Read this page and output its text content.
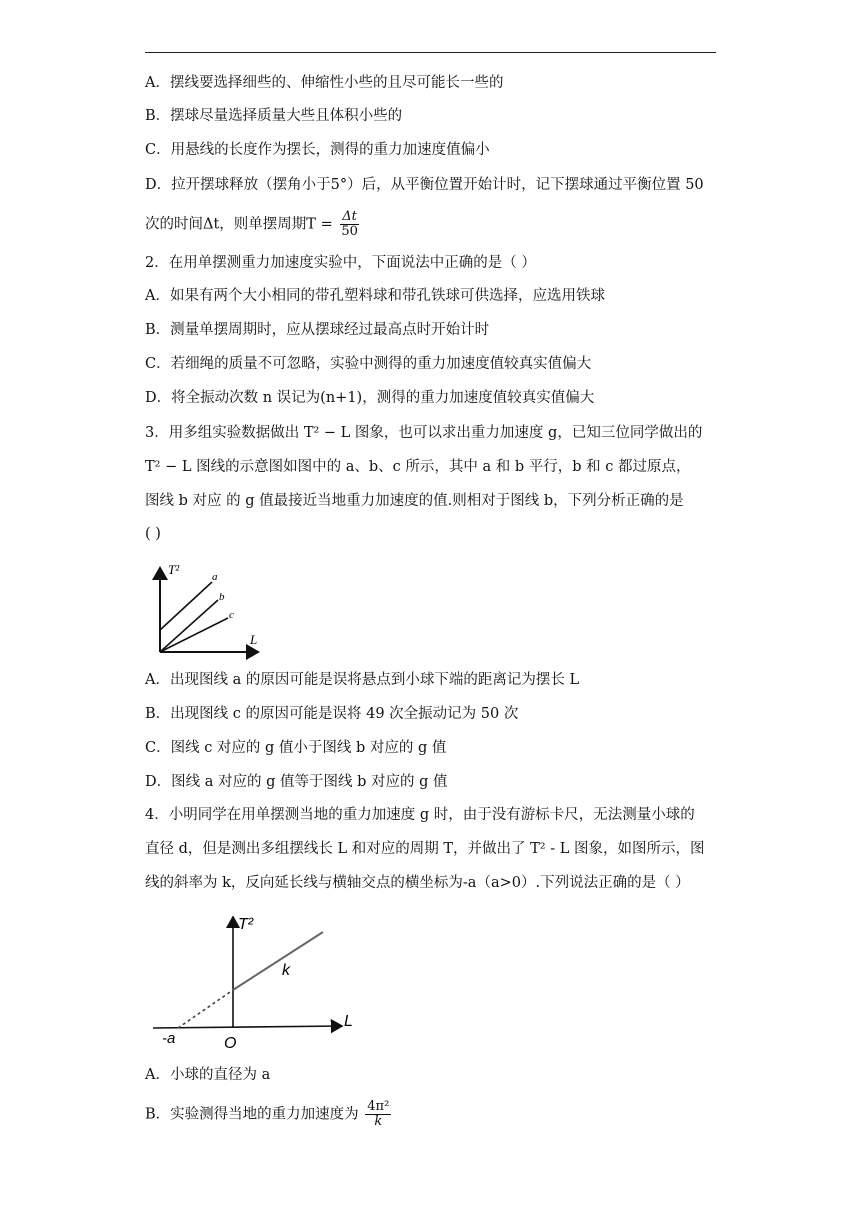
A．摆线要选择细些的、伸缩性小些的且尽可能长一些的
B．摆球尽量选择质量大些且体积小些的
C．用悬线的长度作为摆长，测得的重力加速度值偏小
D．拉开摆球释放（摆角小于5°）后，从平衡位置开始计时，记下摆球通过平衡位置 50
次的时间Δt，则单摆周期$T = \frac{\Delta t}{50}$
2．在用单摆测重力加速度实验中，下面说法中正确的是（ ）
A．如果有两个大小相同的带孔塑料球和带孔铁球可供选择，应选用铁球
B．测量单摆周期时，应从摆球经过最高点时开始计时
C．若细绳的质量不可忽略，实验中测得的重力加速度值较真实值偏大
D．将全振动次数 n 误记为(n+1)，测得的重力加速度值较真实值偏大
3．用多组实验数据做出 T² − L 图象，也可以求出重力加速度 g，已知三位同学做出的
T² − L 图线的示意图如图中的 a、b、c 所示，其中 a 和 b 平行，b 和 c 都过原点，
图线 b 对应 的 g 值最接近当地重力加速度的值.则相对于图线 b，下列分析正确的是
( )
T²
L
a
b
c
A．出现图线 a 的原因可能是误将悬点到小球下端的距离记为摆长 L
B．出现图线 c 的原因可能是误将 49 次全振动记为 50 次
C．图线 c 对应的 g 值小于图线 b 对应的 g 值
D．图线 a 对应的 g 值等于图线 b 对应的 g 值
4．小明同学在用单摆测当地的重力加速度 g 时，由于没有游标卡尺，无法测量小球的
直径 d，但是测出多组摆线长 L 和对应的周期 T，并做出了 T² - L 图象，如图所示，图
线的斜率为 k，反向延长线与横轴交点的横坐标为-a（a>0）.下列说法正确的是（ ）
T²
L
k
O
-a
A．小球的直径为 a
B．实验测得当地的重力加速度为 $\frac{\text{4π²}}{k}$
